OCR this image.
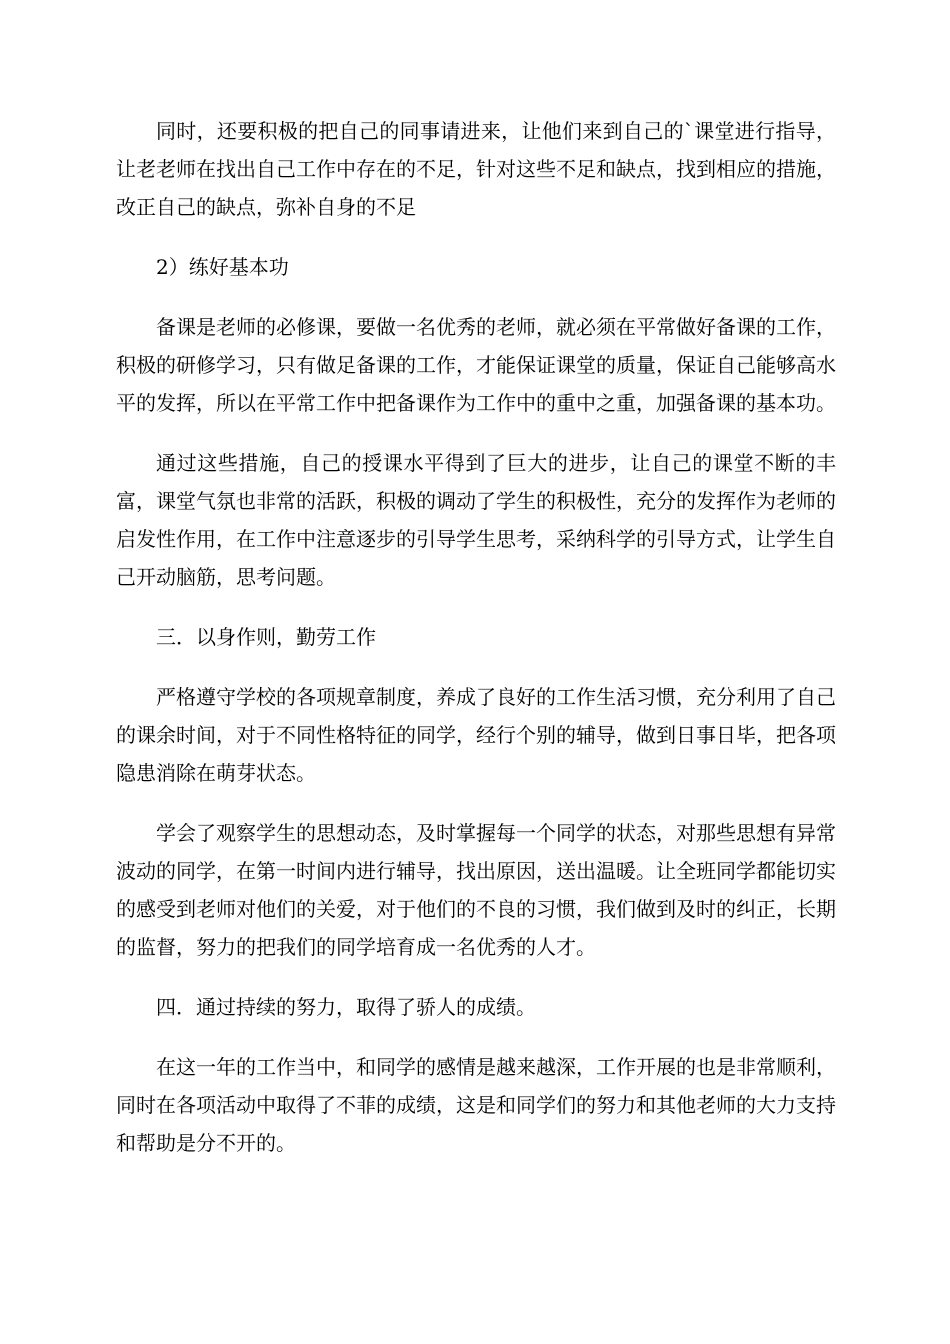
同时，还要积极的把自己的同事请进来，让他们来到自己的`课堂进行指导，让老老师在找出自己工作中存在的不足，针对这些不足和缺点，找到相应的措施，改正自己的缺点，弥补自身的不足

2）练好基本功

备课是老师的必修课，要做一名优秀的老师，就必须在平常做好备课的工作，积极的研修学习，只有做足备课的工作，才能保证课堂的质量，保证自己能够高水平的发挥，所以在平常工作中把备课作为工作中的重中之重，加强备课的基本功。

通过这些措施，自己的授课水平得到了巨大的进步，让自己的课堂不断的丰富，课堂气氛也非常的活跃，积极的调动了学生的积极性，充分的发挥作为老师的启发性作用，在工作中注意逐步的引导学生思考，采纳科学的引导方式，让学生自己开动脑筋，思考问题。

三．以身作则，勤劳工作

严格遵守学校的各项规章制度，养成了良好的工作生活习惯，充分利用了自己的课余时间，对于不同性格特征的同学，经行个别的辅导，做到日事日毕，把各项隐患消除在萌芽状态。

学会了观察学生的思想动态，及时掌握每一个同学的状态，对那些思想有异常波动的同学，在第一时间内进行辅导，找出原因，送出温暖。让全班同学都能切实的感受到老师对他们的关爱，对于他们的不良的习惯，我们做到及时的纠正，长期的监督，努力的把我们的同学培育成一名优秀的人才。

四．通过持续的努力，取得了骄人的成绩。

在这一年的工作当中，和同学的感情是越来越深，工作开展的也是非常顺利，同时在各项活动中取得了不菲的成绩，这是和同学们的努力和其他老师的大力支持和帮助是分不开的。
